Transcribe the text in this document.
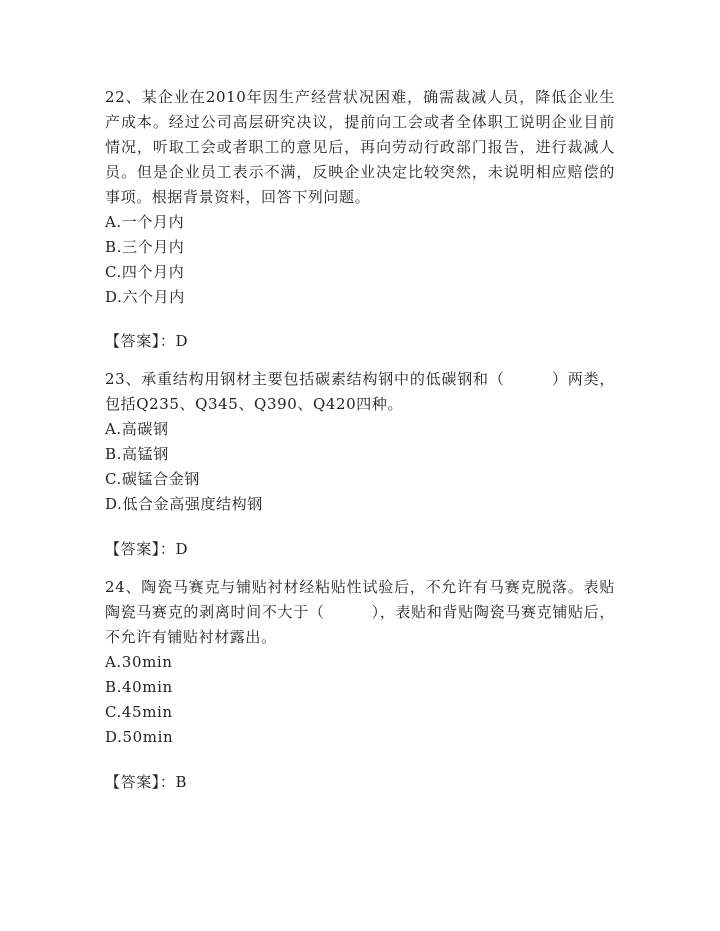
22、某企业在2010年因生产经营状况困难，确需裁减人员，降低企业生产成本。经过公司高层研究决议，提前向工会或者全体职工说明企业目前情况，听取工会或者职工的意见后，再向劳动行政部门报告，进行裁减人员。但是企业员工表示不满，反映企业决定比较突然，未说明相应赔偿的事项。根据背景资料，回答下列问题。

A.一个月内
B.三个月内
C.四个月内
D.六个月内
【答案】：D

23、承重结构用钢材主要包括碳素结构钢中的低碳钢和（　　　）两类，包括Q235、Q345、Q390、Q420四种。

A.高碳钢
B.高锰钢
C.碳锰合金钢
D.低合金高强度结构钢
【答案】：D

24、陶瓷马赛克与铺贴衬材经粘贴性试验后，不允许有马赛克脱落。表贴陶瓷马赛克的剥离时间不大于（　　　），表贴和背贴陶瓷马赛克铺贴后，不允许有铺贴衬材露出。

A.30min
B.40min
C.45min
D.50min
【答案】：B
